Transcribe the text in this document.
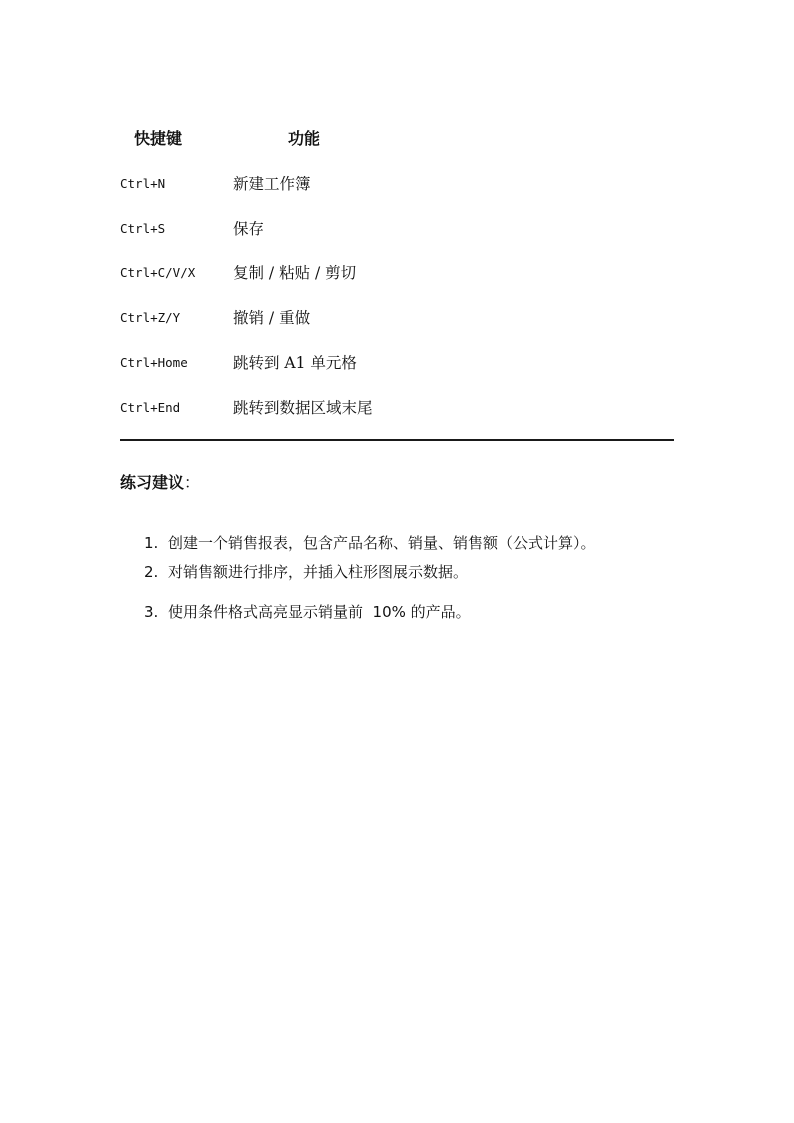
快捷键	功能
Ctrl+N	新建工作簿
Ctrl+S	保存
Ctrl+C/V/X 复制 / 粘贴 / 剪切
Ctrl+Z/Y	撤销 / 重做
Ctrl+Home	跳转到 A1 单元格
Ctrl+End	跳转到数据区域末尾
练习建议：
1. 创建一个销售报表，包含产品名称、销量、销售额（公式计算）。
2. 对销售额进行排序，并插入柱形图展示数据。
3. 使用条件格式高亮显示销量前  10% 的产品。
